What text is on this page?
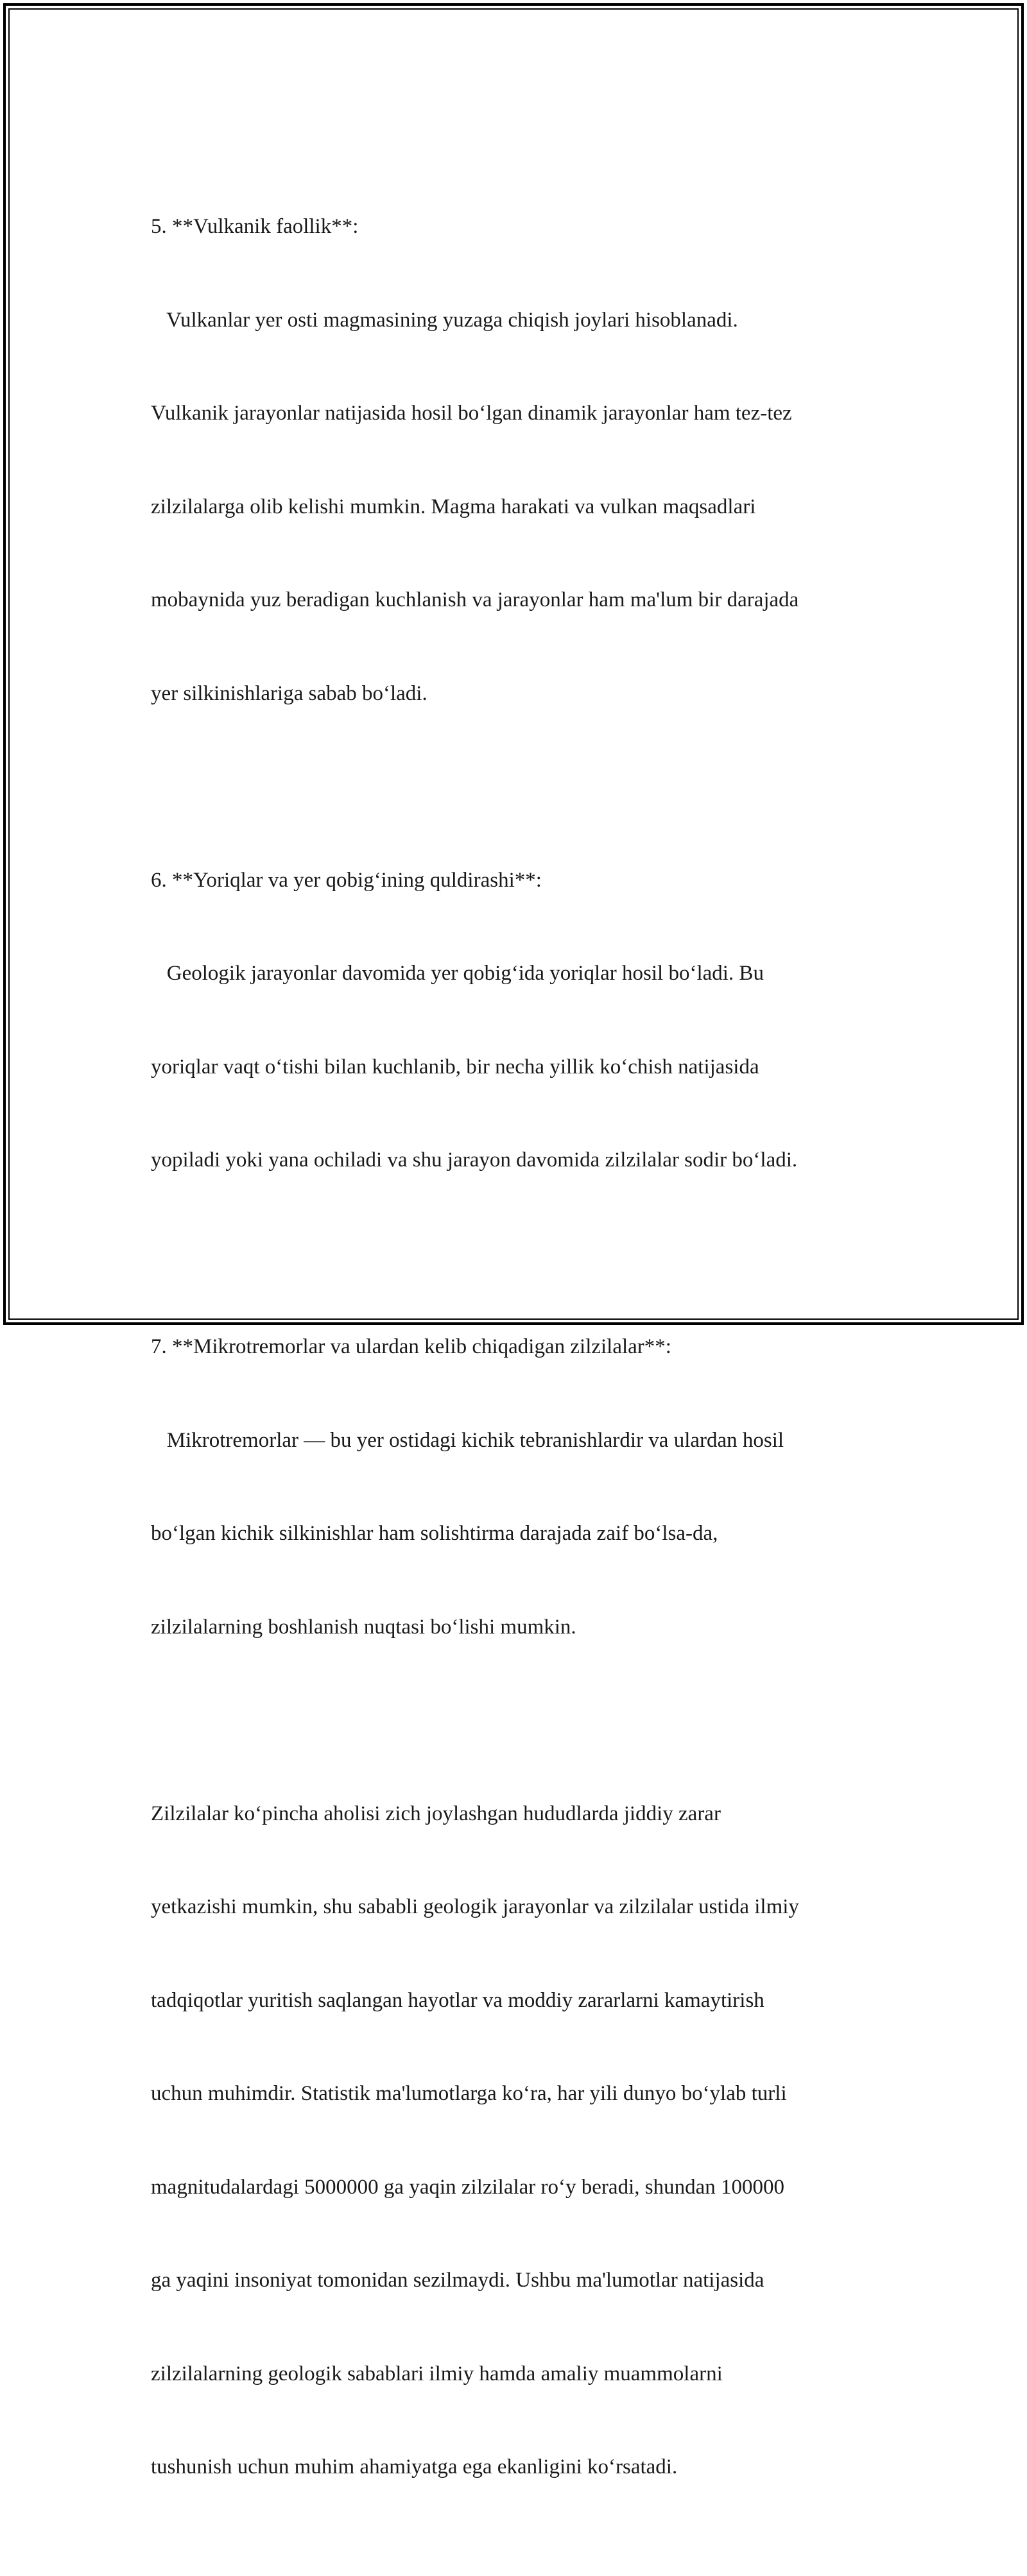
5. **Vulkanik faollik**:

Vulkanlar yer osti magmasining yuzaga chiqish joylari hisoblanadi.

Vulkanik jarayonlar natijasida hosil bo‘lgan dinamik jarayonlar ham tez-tez

zilzilalarga olib kelishi mumkin. Magma harakati va vulkan maqsadlari

mobaynida yuz beradigan kuchlanish va jarayonlar ham ma'lum bir darajada

yer silkinishlariga sabab bo‘ladi.

6. **Yoriqlar va yer qobig‘ining quldirashi**:

Geologik jarayonlar davomida yer qobig‘ida yoriqlar hosil bo‘ladi. Bu

yoriqlar vaqt o‘tishi bilan kuchlanib, bir necha yillik ko‘chish natijasida

yopiladi yoki yana ochiladi va shu jarayon davomida zilzilalar sodir bo‘ladi.

7. **Mikrotremorlar va ulardan kelib chiqadigan zilzilalar**:

Mikrotremorlar — bu yer ostidagi kichik tebranishlardir va ulardan hosil

bo‘lgan kichik silkinishlar ham solishtirma darajada zaif bo‘lsa-da,

zilzilalarning boshlanish nuqtasi bo‘lishi mumkin.

Zilzilalar ko‘pincha aholisi zich joylashgan hududlarda jiddiy zarar

yetkazishi mumkin, shu sababli geologik jarayonlar va zilzilalar ustida ilmiy

tadqiqotlar yuritish saqlangan hayotlar va moddiy zararlarni kamaytirish

uchun muhimdir. Statistik ma'lumotlarga ko‘ra, har yili dunyo bo‘ylab turli

magnitudalardagi 5000000 ga yaqin zilzilalar ro‘y beradi, shundan 100000

ga yaqini insoniyat tomonidan sezilmaydi. Ushbu ma'lumotlar natijasida

zilzilalarning geologik sabablari ilmiy hamda amaliy muammolarni

tushunish uchun muhim ahamiyatga ega ekanligini ko‘rsatadi.
